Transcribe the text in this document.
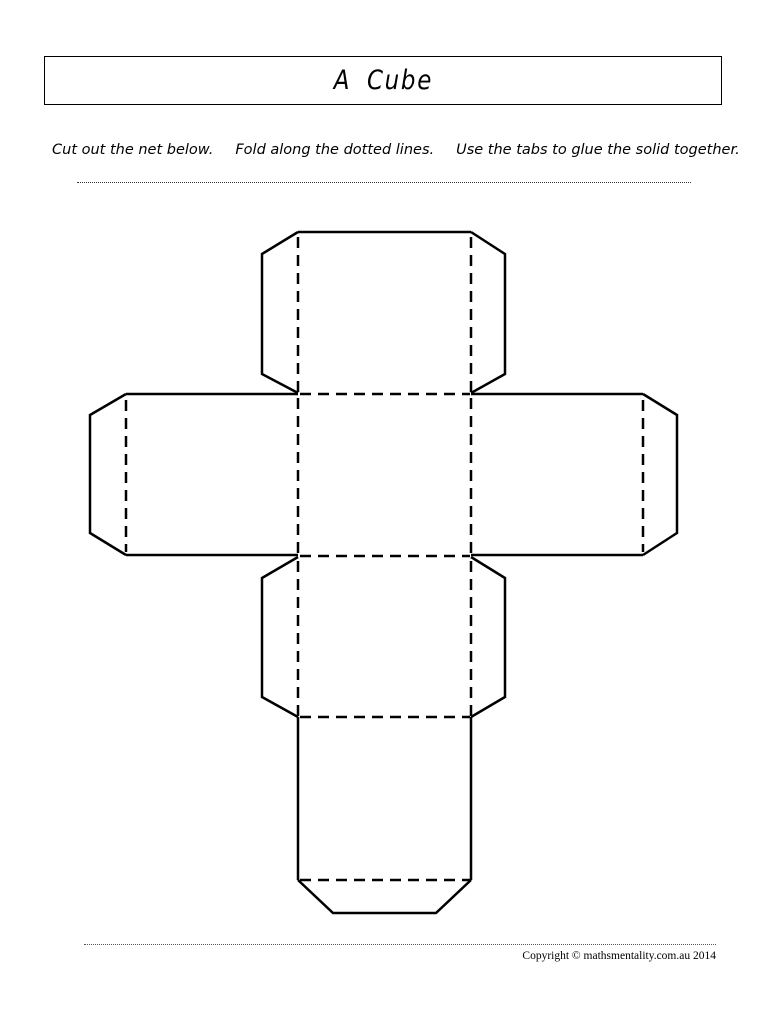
A Cube
Cut out the net below. Fold along the dotted lines. Use the tabs to glue the solid together.
Copyright © mathsmentality.com.au 2014
